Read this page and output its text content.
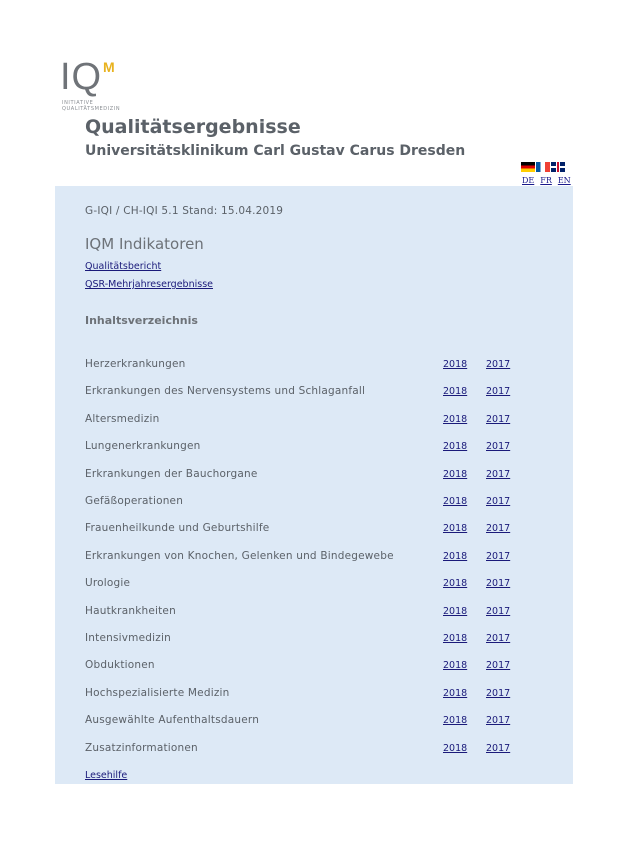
IQ M
INITIATIVE
QUALITÄTSMEDIZIN
Qualitätsergebnisse
Universitätsklinikum Carl Gustav Carus Dresden
DE FR EN
G-IQI / CH-IQI 5.1 Stand: 15.04.2019
IQM Indikatoren
Qualitätsbericht
QSR-Mehrjahresergebnisse
Inhaltsverzeichnis
Herzerkrankungen	2018 2017
Erkrankungen des Nervensystems und Schlaganfall	2018 2017
Altersmedizin	2018 2017
Lungenerkrankungen	2018 2017
Erkrankungen der Bauchorgane	2018 2017
Gefäßoperationen	2018 2017
Frauenheilkunde und Geburtshilfe	2018 2017
Erkrankungen von Knochen, Gelenken und Bindegewebe	2018 2017
Urologie	2018 2017
Hautkrankheiten	2018 2017
Intensivmedizin	2018 2017
Obduktionen	2018 2017
Hochspezialisierte Medizin	2018 2017
Ausgewählte Aufenthaltsdauern	2018 2017
Zusatzinformationen	2018 2017
Lesehilfe
